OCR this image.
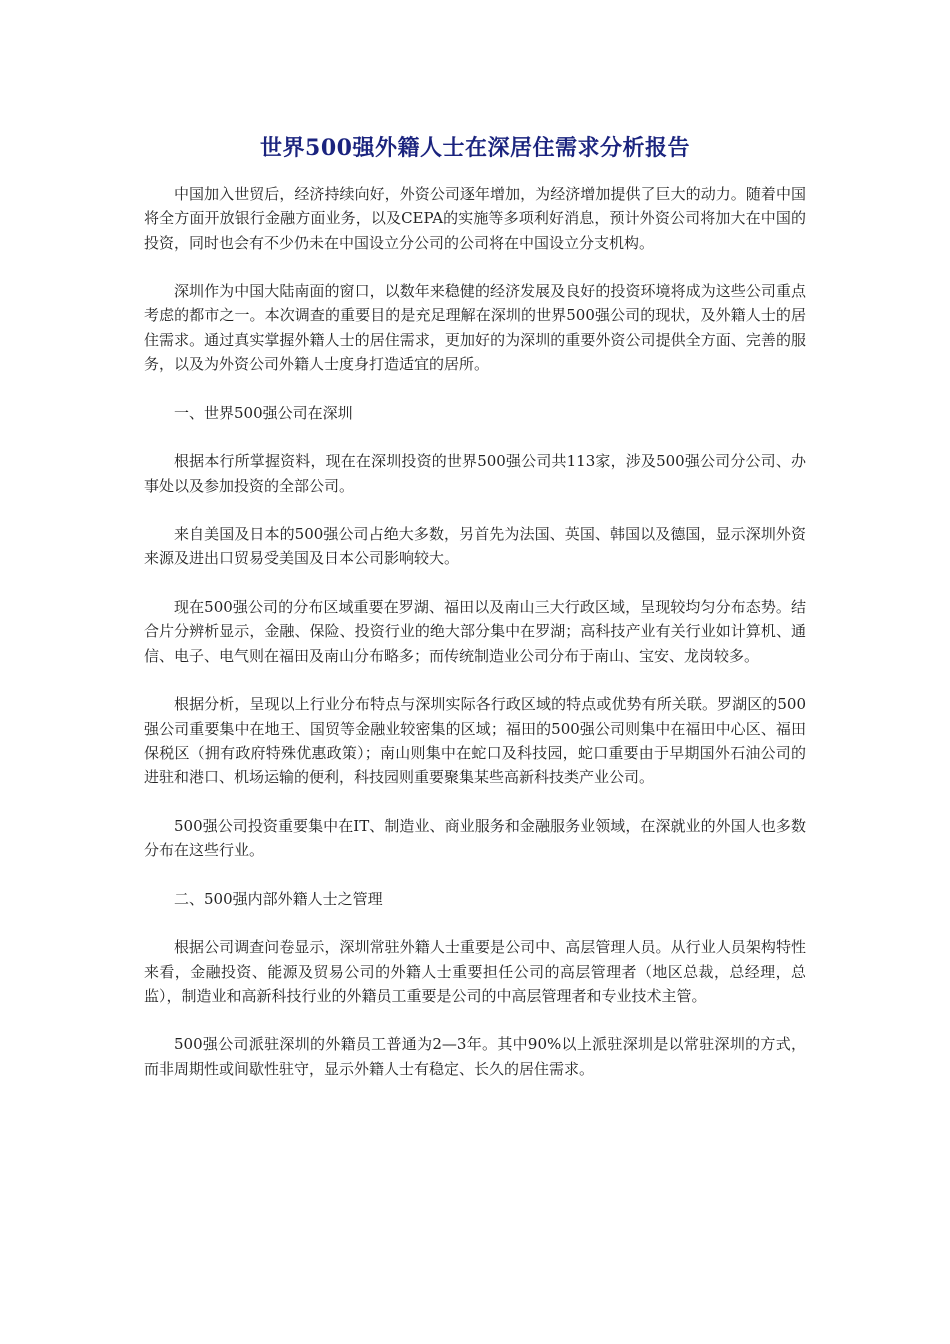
世界500强外籍人士在深居住需求分析报告

中国加入世贸后，经济持续向好，外资公司逐年增加，为经济增加提供了巨大的动力。随着中国将全方面开放银行金融方面业务，以及CEPA的实施等多项利好消息，预计外资公司将加大在中国的投资，同时也会有不少仍未在中国设立分公司的公司将在中国设立分支机构。

深圳作为中国大陆南面的窗口，以数年来稳健的经济发展及良好的投资环境将成为这些公司重点考虑的都市之一。本次调查的重要目的是充足理解在深圳的世界500强公司的现状，及外籍人士的居住需求。通过真实掌握外籍人士的居住需求，更加好的为深圳的重要外资公司提供全方面、完善的服务，以及为外资公司外籍人士度身打造适宜的居所。

一、世界500强公司在深圳

根据本行所掌握资料，现在在深圳投资的世界500强公司共113家，涉及500强公司分公司、办事处以及参加投资的全部公司。

来自美国及日本的500强公司占绝大多数，另首先为法国、英国、韩国以及德国，显示深圳外资来源及进出口贸易受美国及日本公司影响较大。

现在500强公司的分布区域重要在罗湖、福田以及南山三大行政区域，呈现较均匀分布态势。结合片分辨析显示，金融、保险、投资行业的绝大部分集中在罗湖；高科技产业有关行业如计算机、通信、电子、电气则在福田及南山分布略多；而传统制造业公司分布于南山、宝安、龙岗较多。

根据分析，呈现以上行业分布特点与深圳实际各行政区域的特点或优势有所关联。罗湖区的500强公司重要集中在地王、国贸等金融业较密集的区域；福田的500强公司则集中在福田中心区、福田保税区（拥有政府特殊优惠政策）；南山则集中在蛇口及科技园，蛇口重要由于早期国外石油公司的进驻和港口、机场运输的便利，科技园则重要聚集某些高新科技类产业公司。

500强公司投资重要集中在IT、制造业、商业服务和金融服务业领域，在深就业的外国人也多数分布在这些行业。

二、500强内部外籍人士之管理

根据公司调查问卷显示，深圳常驻外籍人士重要是公司中、高层管理人员。从行业人员架构特性来看，金融投资、能源及贸易公司的外籍人士重要担任公司的高层管理者（地区总裁，总经理，总监），制造业和高新科技行业的外籍员工重要是公司的中高层管理者和专业技术主管。

500强公司派驻深圳的外籍员工普通为2—3年。其中90%以上派驻深圳是以常驻深圳的方式，而非周期性或间歇性驻守，显示外籍人士有稳定、长久的居住需求。
